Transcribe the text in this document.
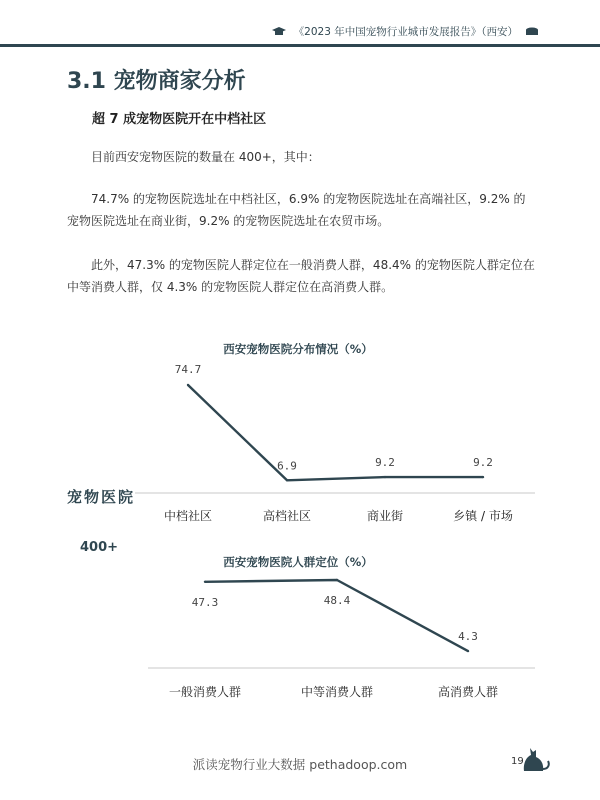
《2023 年中国宠物行业城市发展报告》（西安）
3.1 宠物商家分析
超 7 成宠物医院开在中档社区

目前西安宠物医院的数量在 400+，其中：

74.7% 的宠物医院选址在中档社区，6.9% 的宠物医院选址在高端社区，9.2% 的宠物医院选址在商业街，9.2% 的宠物医院选址在农贸市场。

此外，47.3% 的宠物医院人群定位在一般消费人群，48.4% 的宠物医院人群定位在中等消费人群，仅 4.3% 的宠物医院人群定位在高消费人群。

西安宠物医院分布情况（%）
西安宠物医院人群定位（%）
宠物医院
400+
74.7
中档社区
6.9
高档社区
9.2
商业街
9.2
乡镇 / 市场
47.3
一般消费人群
48.4
中等消费人群
4.3
高消费人群
派读宠物行业大数据 pethadoop.com	19
